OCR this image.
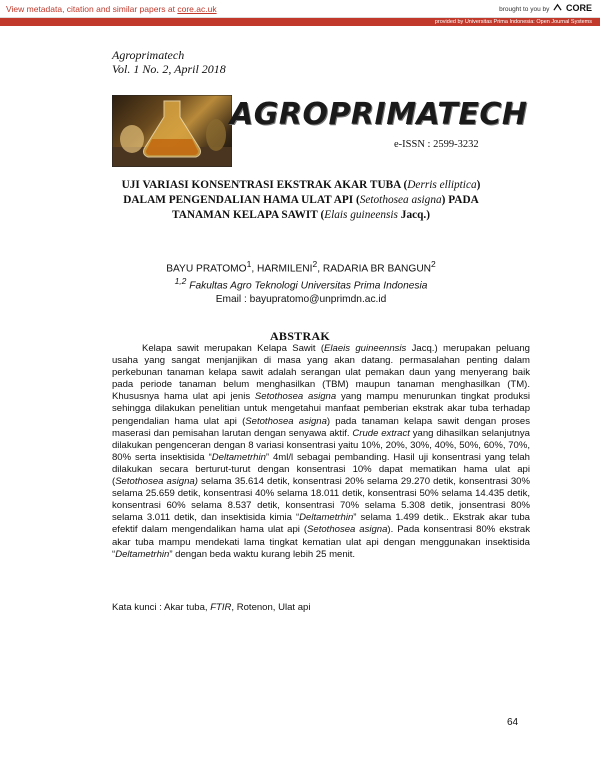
View metadata, citation and similar papers at core.ac.uk	brought to you by CORE
provided by Universitas Prima Indonesia: Open Journal Systems
Agroprimatech
Vol. 1 No. 2, April 2018
AGROPRIMATECH
e-ISSN : 2599-3232
UJI VARIASI KONSENTRASI EKSTRAK AKAR TUBA (Derris elliptica)
DALAM PENGENDALIAN HAMA ULAT API (Setothosea asigna) PADA
TANAMAN KELAPA SAWIT (Elais guineensis Jacq.)
BAYU PRATOMO$^1$, HARMILENI$^2$, RADARIA BR BANGUN$^2$
$^{1,2}$ Fakultas Agro Teknologi Universitas Prima Indonesia
Email : bayupratomo@unprimdn.ac.id
ABSTRAK
Kelapa sawit merupakan Kelapa Sawit (Elaeis guineennsis Jacq.) merupakan peluang usaha yang sangat menjanjikan di masa yang akan datang. permasalahan penting dalam perkebunan tanaman kelapa sawit adalah serangan ulat pemakan daun yang menyerang baik pada periode tanaman belum menghasilkan (TBM) maupun tanaman menghasilkan (TM). Khususnya hama ulat api jenis Setothosea asigna yang mampu menurunkan tingkat produksi sehingga dilakukan penelitian untuk mengetahui manfaat pemberian ekstrak akar tuba terhadap pengendalian hama ulat api (Setothosea asigna) pada tanaman kelapa sawit dengan proses maserasi dan pemisahan larutan dengan senyawa aktif. Crude extract yang dihasilkan selanjutnya dilakukan pengenceran dengan 8 variasi konsentrasi yaitu 10%, 20%, 30%, 40%, 50%, 60%, 70%, 80% serta insektisida “Deltametrhin” 4ml/l sebagai pembanding. Hasil uji konsentrasi yang telah dilakukan secara berturut-turut dengan konsentrasi 10% dapat mematikan hama ulat api (Setothosea asigna) selama 35.614 detik, konsentrasi 20% selama 29.270 detik, konsentrasi 30% selama 25.659 detik, konsentrasi 40% selama 18.011 detik, konsentrasi 50% selama 14.435 detik, konsentrasi 60% selama 8.537 detik, konsentrasi 70% selama 5.308 detik, jonsentrasi 80% selama 3.011 detik, dan insektisida kimia “Deltametrhin” selama 1.499 detik.. Ekstrak akar tuba efektif dalam mengendalikan hama ulat api (Setothosea asigna). Pada konsentrasi 80% ekstrak akar tuba mampu mendekati lama tingkat kematian ulat api dengan menggunakan insektisida “Deltametrhin” dengan beda waktu kurang lebih 25 menit.
Kata kunci : Akar tuba, FTIR, Rotenon, Ulat api
64
